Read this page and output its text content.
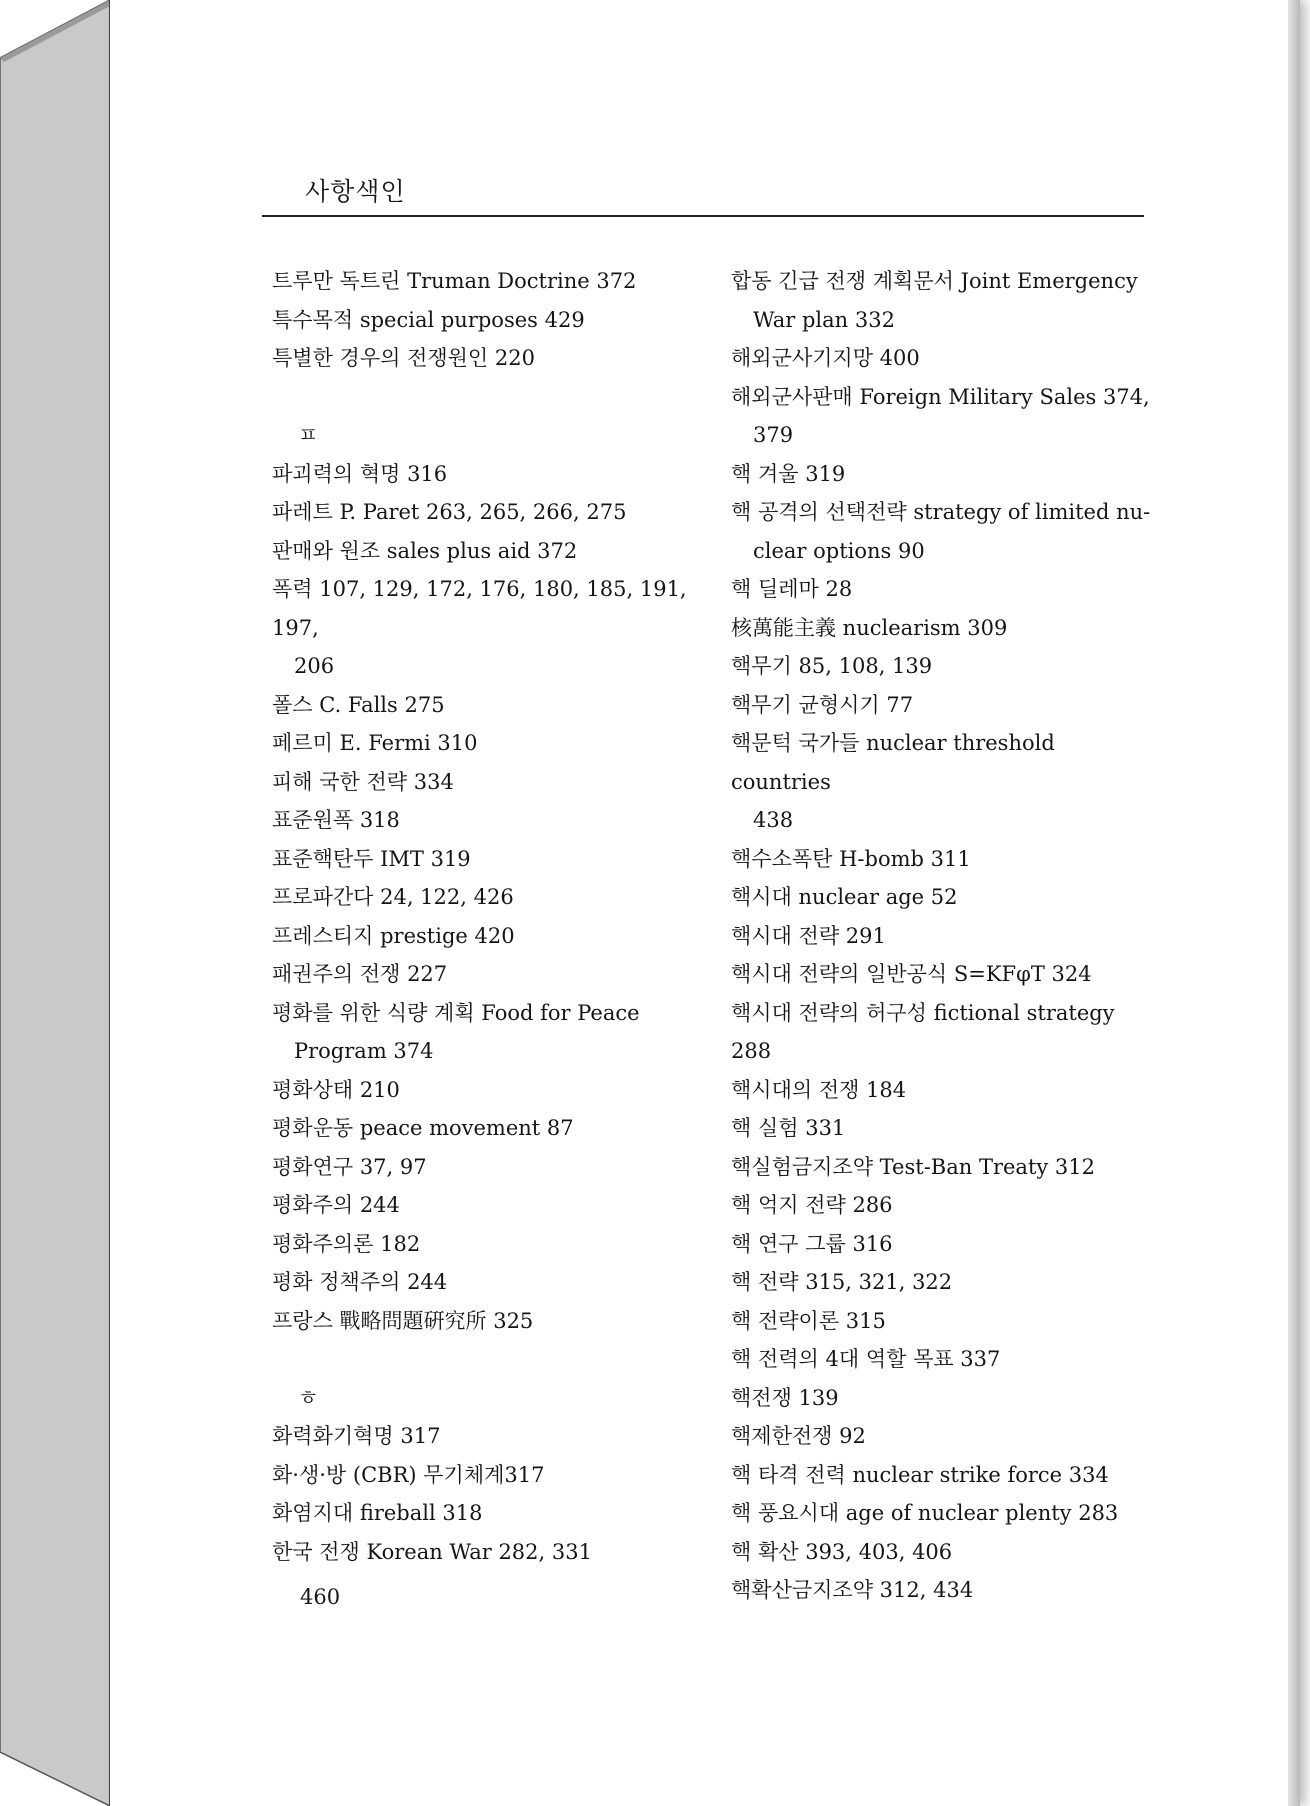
사항색인
트루만 독트린 Truman Doctrine 372
특수목적 special purposes 429
특별한 경우의 전쟁원인 220
ㅍ
파괴력의 혁명 316
파레트 P. Paret 263, 265, 266, 275
판매와 원조 sales plus aid 372
폭력 107, 129, 172, 176, 180, 185, 191, 197,
206
폴스 C. Falls 275
페르미 E. Fermi 310
피해 국한 전략 334
표준원폭 318
표준핵탄두 IMT 319
프로파간다 24, 122, 426
프레스티지 prestige 420
패권주의 전쟁 227
평화를 위한 식량 계획 Food for Peace
Program 374
평화상태 210
평화운동 peace movement 87
평화연구 37, 97
평화주의 244
평화주의론 182
평화 정책주의 244
프랑스 戰略問題硏究所 325
ㅎ
화력화기혁명 317
화·생·방 (CBR) 무기체계317
화염지대 fireball 318
한국 전쟁 Korean War 282, 331
합동 긴급 전쟁 계획문서 Joint Emergency
War plan 332
해외군사기지망 400
해외군사판매 Foreign Military Sales 374,
379
핵 겨울 319
핵 공격의 선택전략 strategy of limited nu-
clear options 90
핵 딜레마 28
核萬能主義 nuclearism 309
핵무기 85, 108, 139
핵무기 균형시기 77
핵문턱 국가들 nuclear threshold countries
438
핵수소폭탄 H-bomb 311
핵시대 nuclear age 52
핵시대 전략 291
핵시대 전략의 일반공식 S=KFφT 324
핵시대 전략의 허구성 fictional strategy 288
핵시대의 전쟁 184
핵 실험 331
핵실험금지조약 Test-Ban Treaty 312
핵 억지 전략 286
핵 연구 그룹 316
핵 전략 315, 321, 322
핵 전략이론 315
핵 전력의 4대 역할 목표 337
핵전쟁 139
핵제한전쟁 92
핵 타격 전력 nuclear strike force 334
핵 풍요시대 age of nuclear plenty 283
핵 확산 393, 403, 406
핵확산금지조약 312, 434
460
